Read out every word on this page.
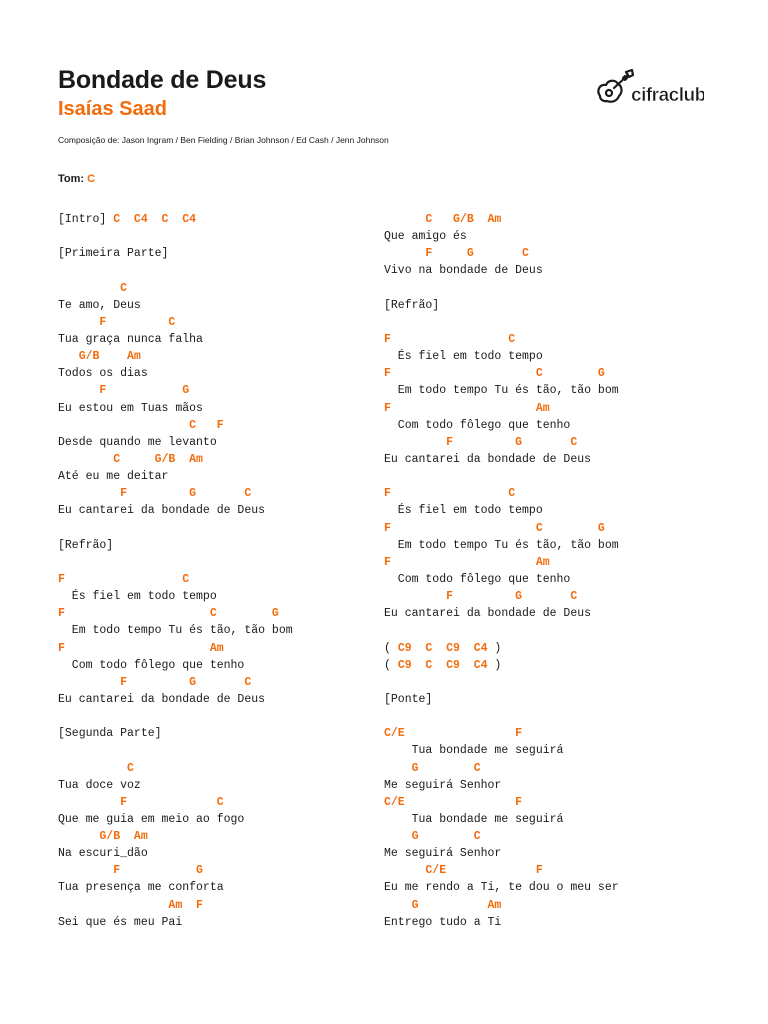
Bondade de Deus
Isaías Saad
Composição de: Jason Ingram / Ben Fielding / Brian Johnson / Ed Cash / Jenn Johnson
cifraclub
Tom: C
[Intro] C  C4  C  C4

[Primeira Parte]

C
Te amo, Deus
F         C
Tua graça nunca falha
G/B    Am
Todos os dias
F           G
Eu estou em Tuas mãos
C   F
Desde quando me levanto
C     G/B  Am
Até eu me deitar
F         G       C
Eu cantarei da bondade de Deus

[Refrão]

F                 C
És fiel em todo tempo
F                     C        G
Em todo tempo Tu és tão, tão bom
F                     Am
Com todo fôlego que tenho
F         G       C
Eu cantarei da bondade de Deus

[Segunda Parte]

C
Tua doce voz
F             C
Que me guia em meio ao fogo
G/B  Am
Na escuri_dão
F           G
Tua presença me conforta
Am  F
Sei que és meu Pai
C   G/B  Am
Que amigo és
F     G       C
Vivo na bondade de Deus

[Refrão]

F                 C
És fiel em todo tempo
F                     C        G
Em todo tempo Tu és tão, tão bom
F                     Am
Com todo fôlego que tenho
F         G       C
Eu cantarei da bondade de Deus

F                 C
És fiel em todo tempo
F                     C        G
Em todo tempo Tu és tão, tão bom
F                     Am
Com todo fôlego que tenho
F         G       C
Eu cantarei da bondade de Deus

( C9  C  C9  C4 )
( C9  C  C9  C4 )

[Ponte]

C/E                F
Tua bondade me seguirá
G        C
Me seguirá Senhor
C/E                F
Tua bondade me seguirá
G        C
Me seguirá Senhor
C/E             F
Eu me rendo a Ti, te dou o meu ser
G          Am
Entrego tudo a Ti
